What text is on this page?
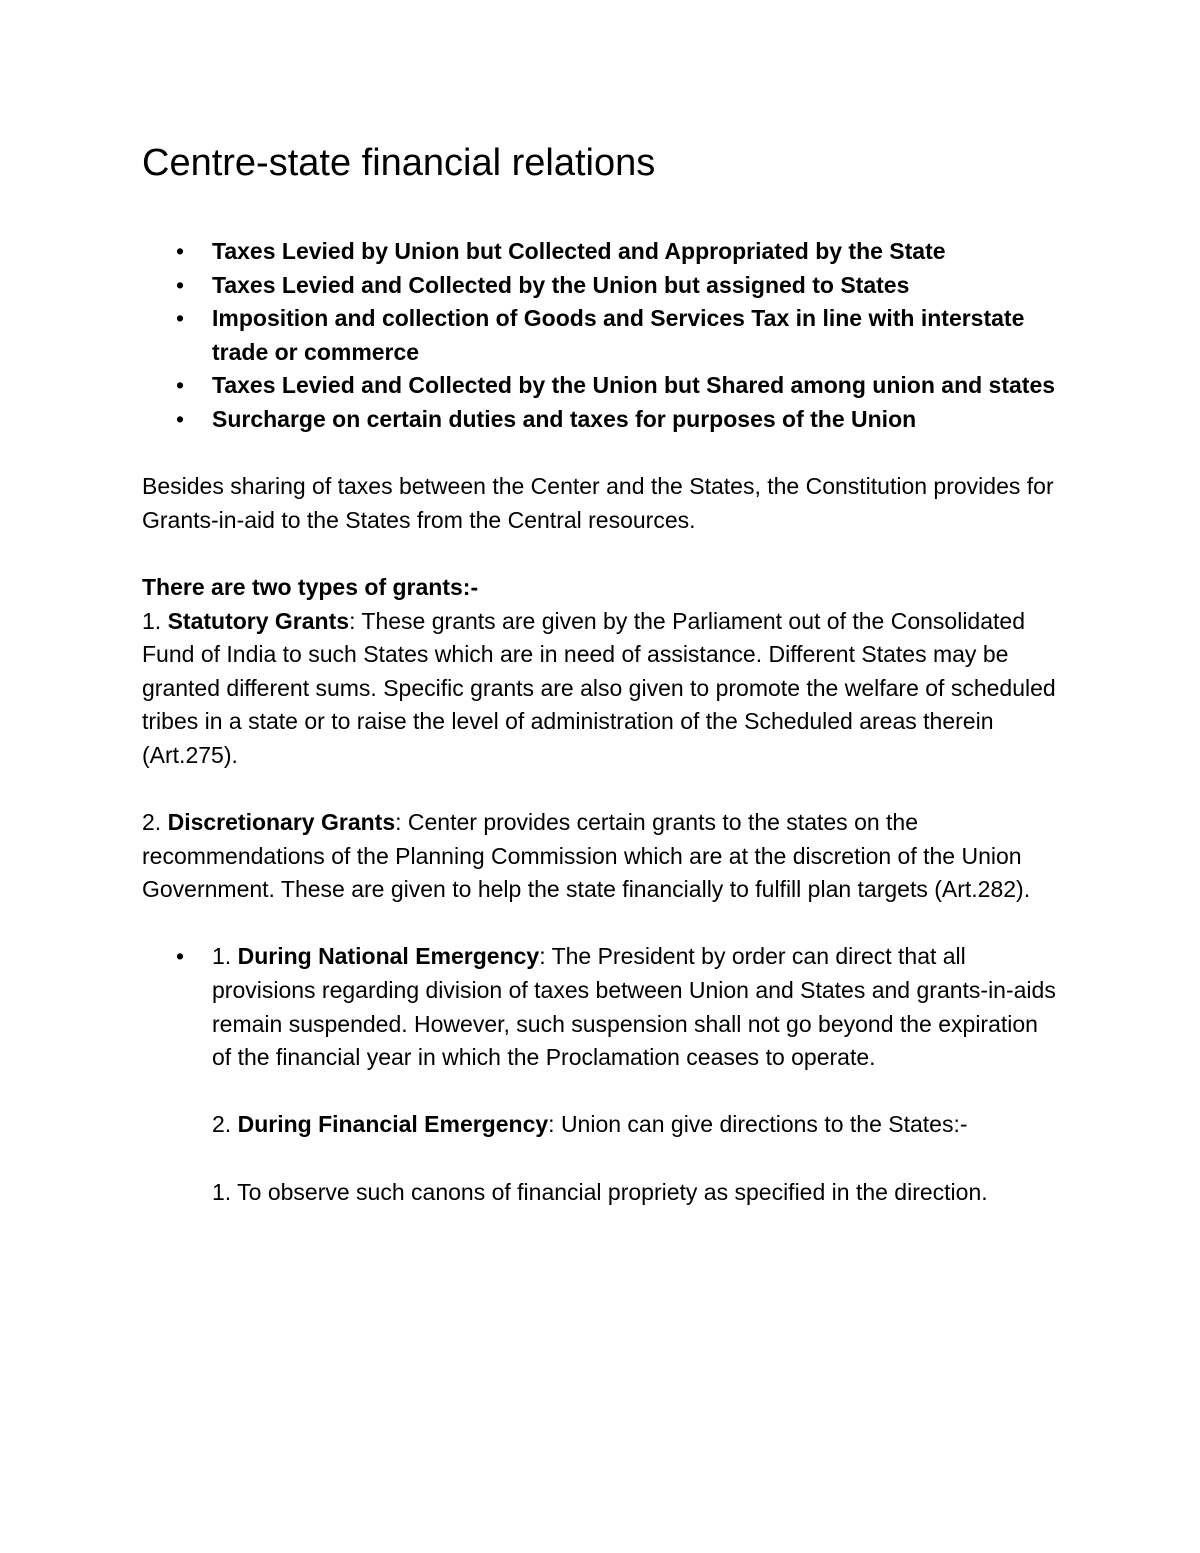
Centre-state financial relations
• Taxes Levied by Union but Collected and Appropriated by the State
• Taxes Levied and Collected by the Union but assigned to States
• Imposition and collection of Goods and Services Tax in line with interstate trade or commerce
• Taxes Levied and Collected by the Union but Shared among union and states
• Surcharge on certain duties and taxes for purposes of the Union

Besides sharing of taxes between the Center and the States, the Constitution provides for Grants-in-aid to the States from the Central resources.

There are two types of grants:-

1. Statutory Grants: These grants are given by the Parliament out of the Consolidated Fund of India to such States which are in need of assistance. Different States may be granted different sums. Specific grants are also given to promote the welfare of scheduled tribes in a state or to raise the level of administration of the Scheduled areas therein (Art.275).

2. Discretionary Grants: Center provides certain grants to the states on the recommendations of the Planning Commission which are at the discretion of the Union Government. These are given to help the state financially to fulfill plan targets (Art.282).

• 1. During National Emergency: The President by order can direct that all provisions regarding division of taxes between Union and States and grants-in-aids remain suspended. However, such suspension shall not go beyond the expiration of the financial year in which the Proclamation ceases to operate.

2. During Financial Emergency: Union can give directions to the States:-

1. To observe such canons of financial propriety as specified in the direction.
